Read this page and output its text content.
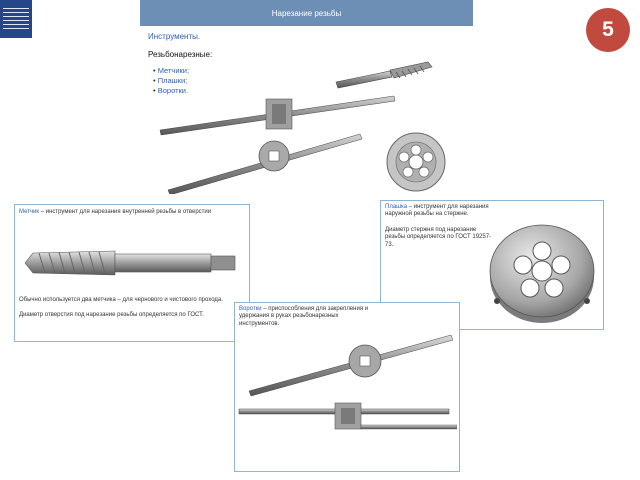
5
Нарезание резьбы
Инструменты.
Резьбонарезные:
• Метчики;
• Плашки;
• Воротки.
Метчик – инструмент для нарезания внутренней резьбы в отверстии
Обычно используется два метчика – для чернового и чистового прохода.
Диаметр отверстия под нарезание резьбы определяется по ГОСТ.
Плашка – инструмент для нарезания наружной резьбы на стержне.
Диаметр стержня под нарезание резьбы определяется по ГОСТ 19257-73.
Воротки – приспособления для закрепления и удержания в руках резьбонарезных инструментов.
